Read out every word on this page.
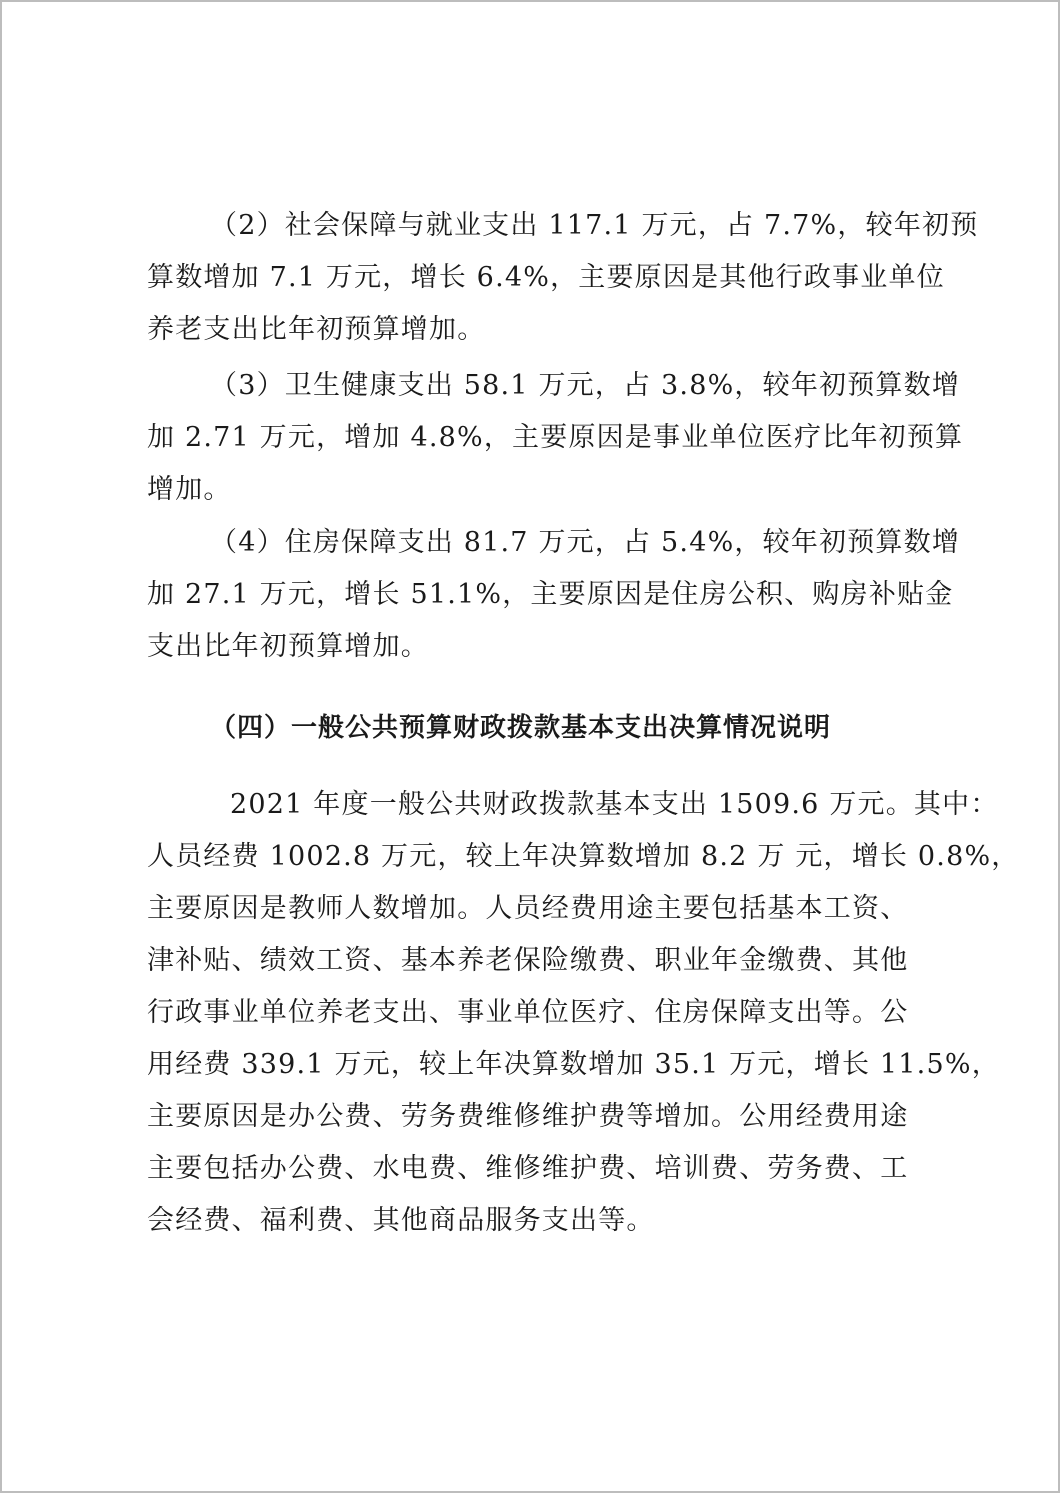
（2）社会保障与就业支出 117.1 万元，占 7.7%，较年初预
算数增加 7.1 万元，增长 6.4%，主要原因是其他行政事业单位
养老支出比年初预算增加。
（3）卫生健康支出 58.1 万元，占 3.8%，较年初预算数增
加 2.71 万元，增加 4.8%，主要原因是事业单位医疗比年初预算
增加。
（4）住房保障支出 81.7 万元，占 5.4%，较年初预算数增
加 27.1 万元，增长 51.1%，主要原因是住房公积、购房补贴金
支出比年初预算增加。
（四）一般公共预算财政拨款基本支出决算情况说明
2021 年度一般公共财政拨款基本支出 1509.6 万元。其中：
人员经费 1002.8 万元，较上年决算数增加 8.2 万 元，增长 0.8%，
主要原因是教师人数增加。人员经费用途主要包括基本工资、
津补贴、绩效工资、基本养老保险缴费、职业年金缴费、其他
行政事业单位养老支出、事业单位医疗、住房保障支出等。公
用经费 339.1 万元，较上年决算数增加 35.1 万元，增长 11.5%，
主要原因是办公费、劳务费维修维护费等增加。公用经费用途
主要包括办公费、水电费、维修维护费、培训费、劳务费、工
会经费、福利费、其他商品服务支出等。
